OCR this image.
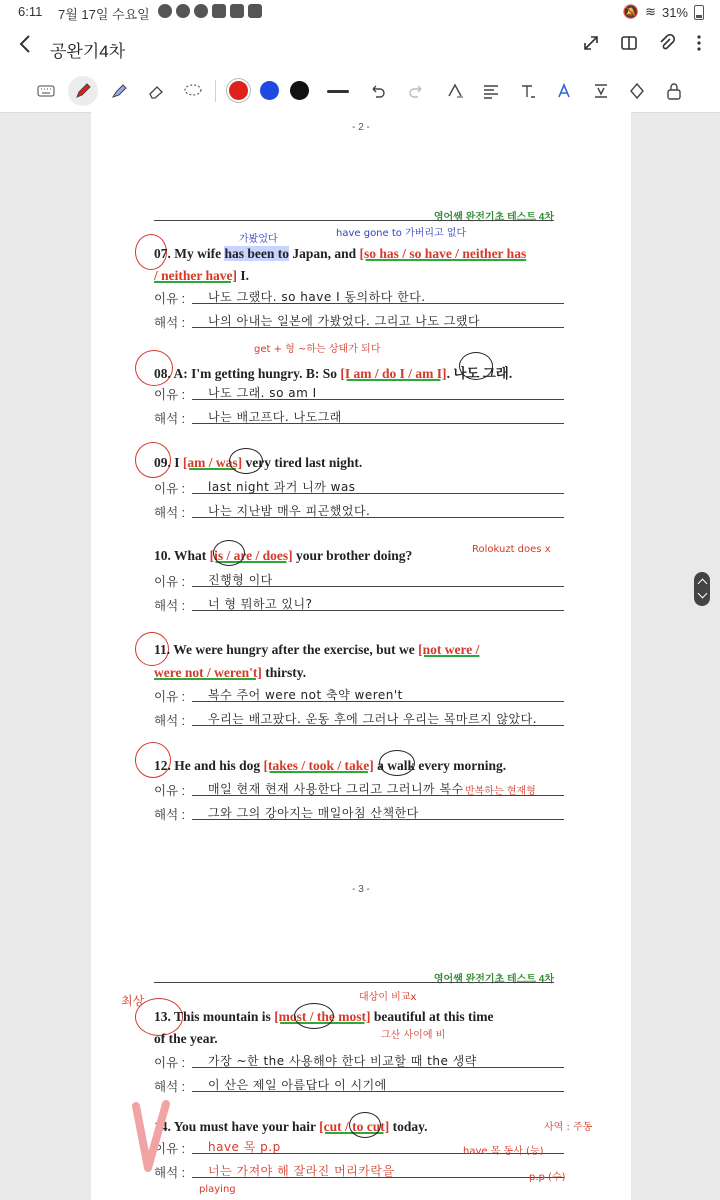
6:11 7월 17일 수요일	🔕 ≋ 31%
공완기4차
- 2 -
영어쌤 완전기초 테스트 4차
가봤었다
have gone to 가버리고 없다
07. My wife has been to Japan, and [so has / so have / neither has
/ neither have] I.
이유 : 나도 그랬다. so have I 동의하다 한다.
해석 : 나의 아내는 일본에 가봤었다. 그리고 나도 그랬다
get + 형 ~하는 상태가 되다
08. A: I'm getting hungry. B: So [I am / do I / am I]. 나도 그래.
이유 : 나도 그래. so am I
해석 : 나는 배고프다. 나도그래
09. I [am / was] very tired last night.
이유 : last night 과거 니까 was
해석 : 나는 지난밤 매우 피곤했었다.
Rolokuzt does x
10. What [is / are / does] your brother doing?
이유 : 진행형 이다
해석 : 너 형 뭐하고 있니?
11. We were hungry after the exercise, but we [not were /
were not / weren't] thirsty.
이유 : 복수 주어 were not 축약 weren't
해석 : 우리는 배고팠다. 운동 후에 그러나 우리는 목마르지 않았다.
12. He and his dog [takes / took / take] a walk every morning.
이유 : 매일 현재 현재 사용한다 그리고 그러니까 복수 반복하는 현재형
해석 : 그와 그의 강아지는 매일아침 산책한다
- 3 -
영어쌤 완전기초 테스트 4차
최상	대상이 비교x
13. This mountain is [most / the most] beautiful at this time
그산 사이에 비
of the year.
이유 : 가장 ~한 the 사용해야 한다 비교할 때 the 생략
해석 : 이 산은 제일 아름답다 이 시기에
14. You must have your hair [cut / to cut] today.	사역 : 주동
이유 : have 목 p.p	have 목 동사 (능)
해석 : 너는 가져야 해 잘라진 머리카락을	p.p (수)
playing
